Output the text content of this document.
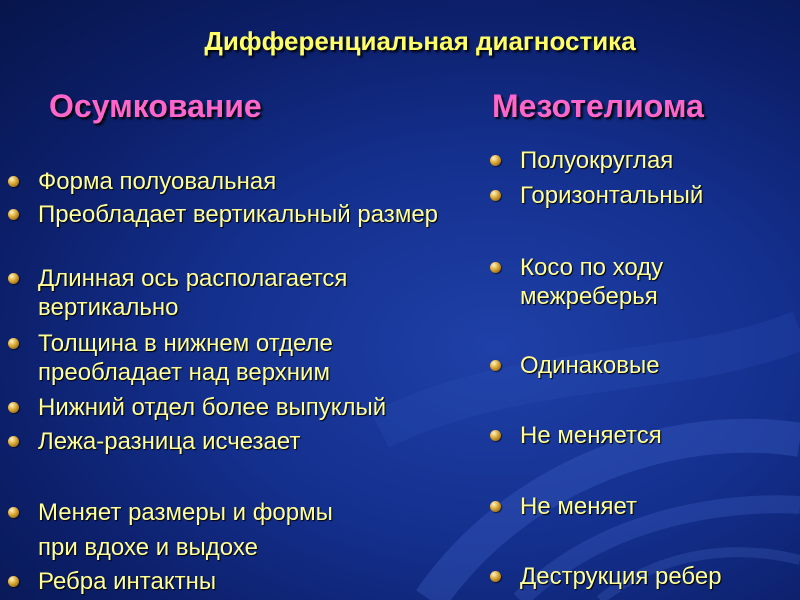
Дифференциальная диагностика
Осумкование	Мезотелиома
Форма полуовальная
Преобладает вертикальный размер
Длинная ось располагается вертикально
Толщина в нижнем отделе преобладает над верхним
Нижний отдел более выпуклый
Лежа-разница исчезает
Меняет размеры и формы
при вдохе и выдохе
Ребра интактны
Полуокруглая
Горизонтальный
Косо по ходу межреберья
Одинаковые
Не меняется
Не меняет
Деструкция ребер
